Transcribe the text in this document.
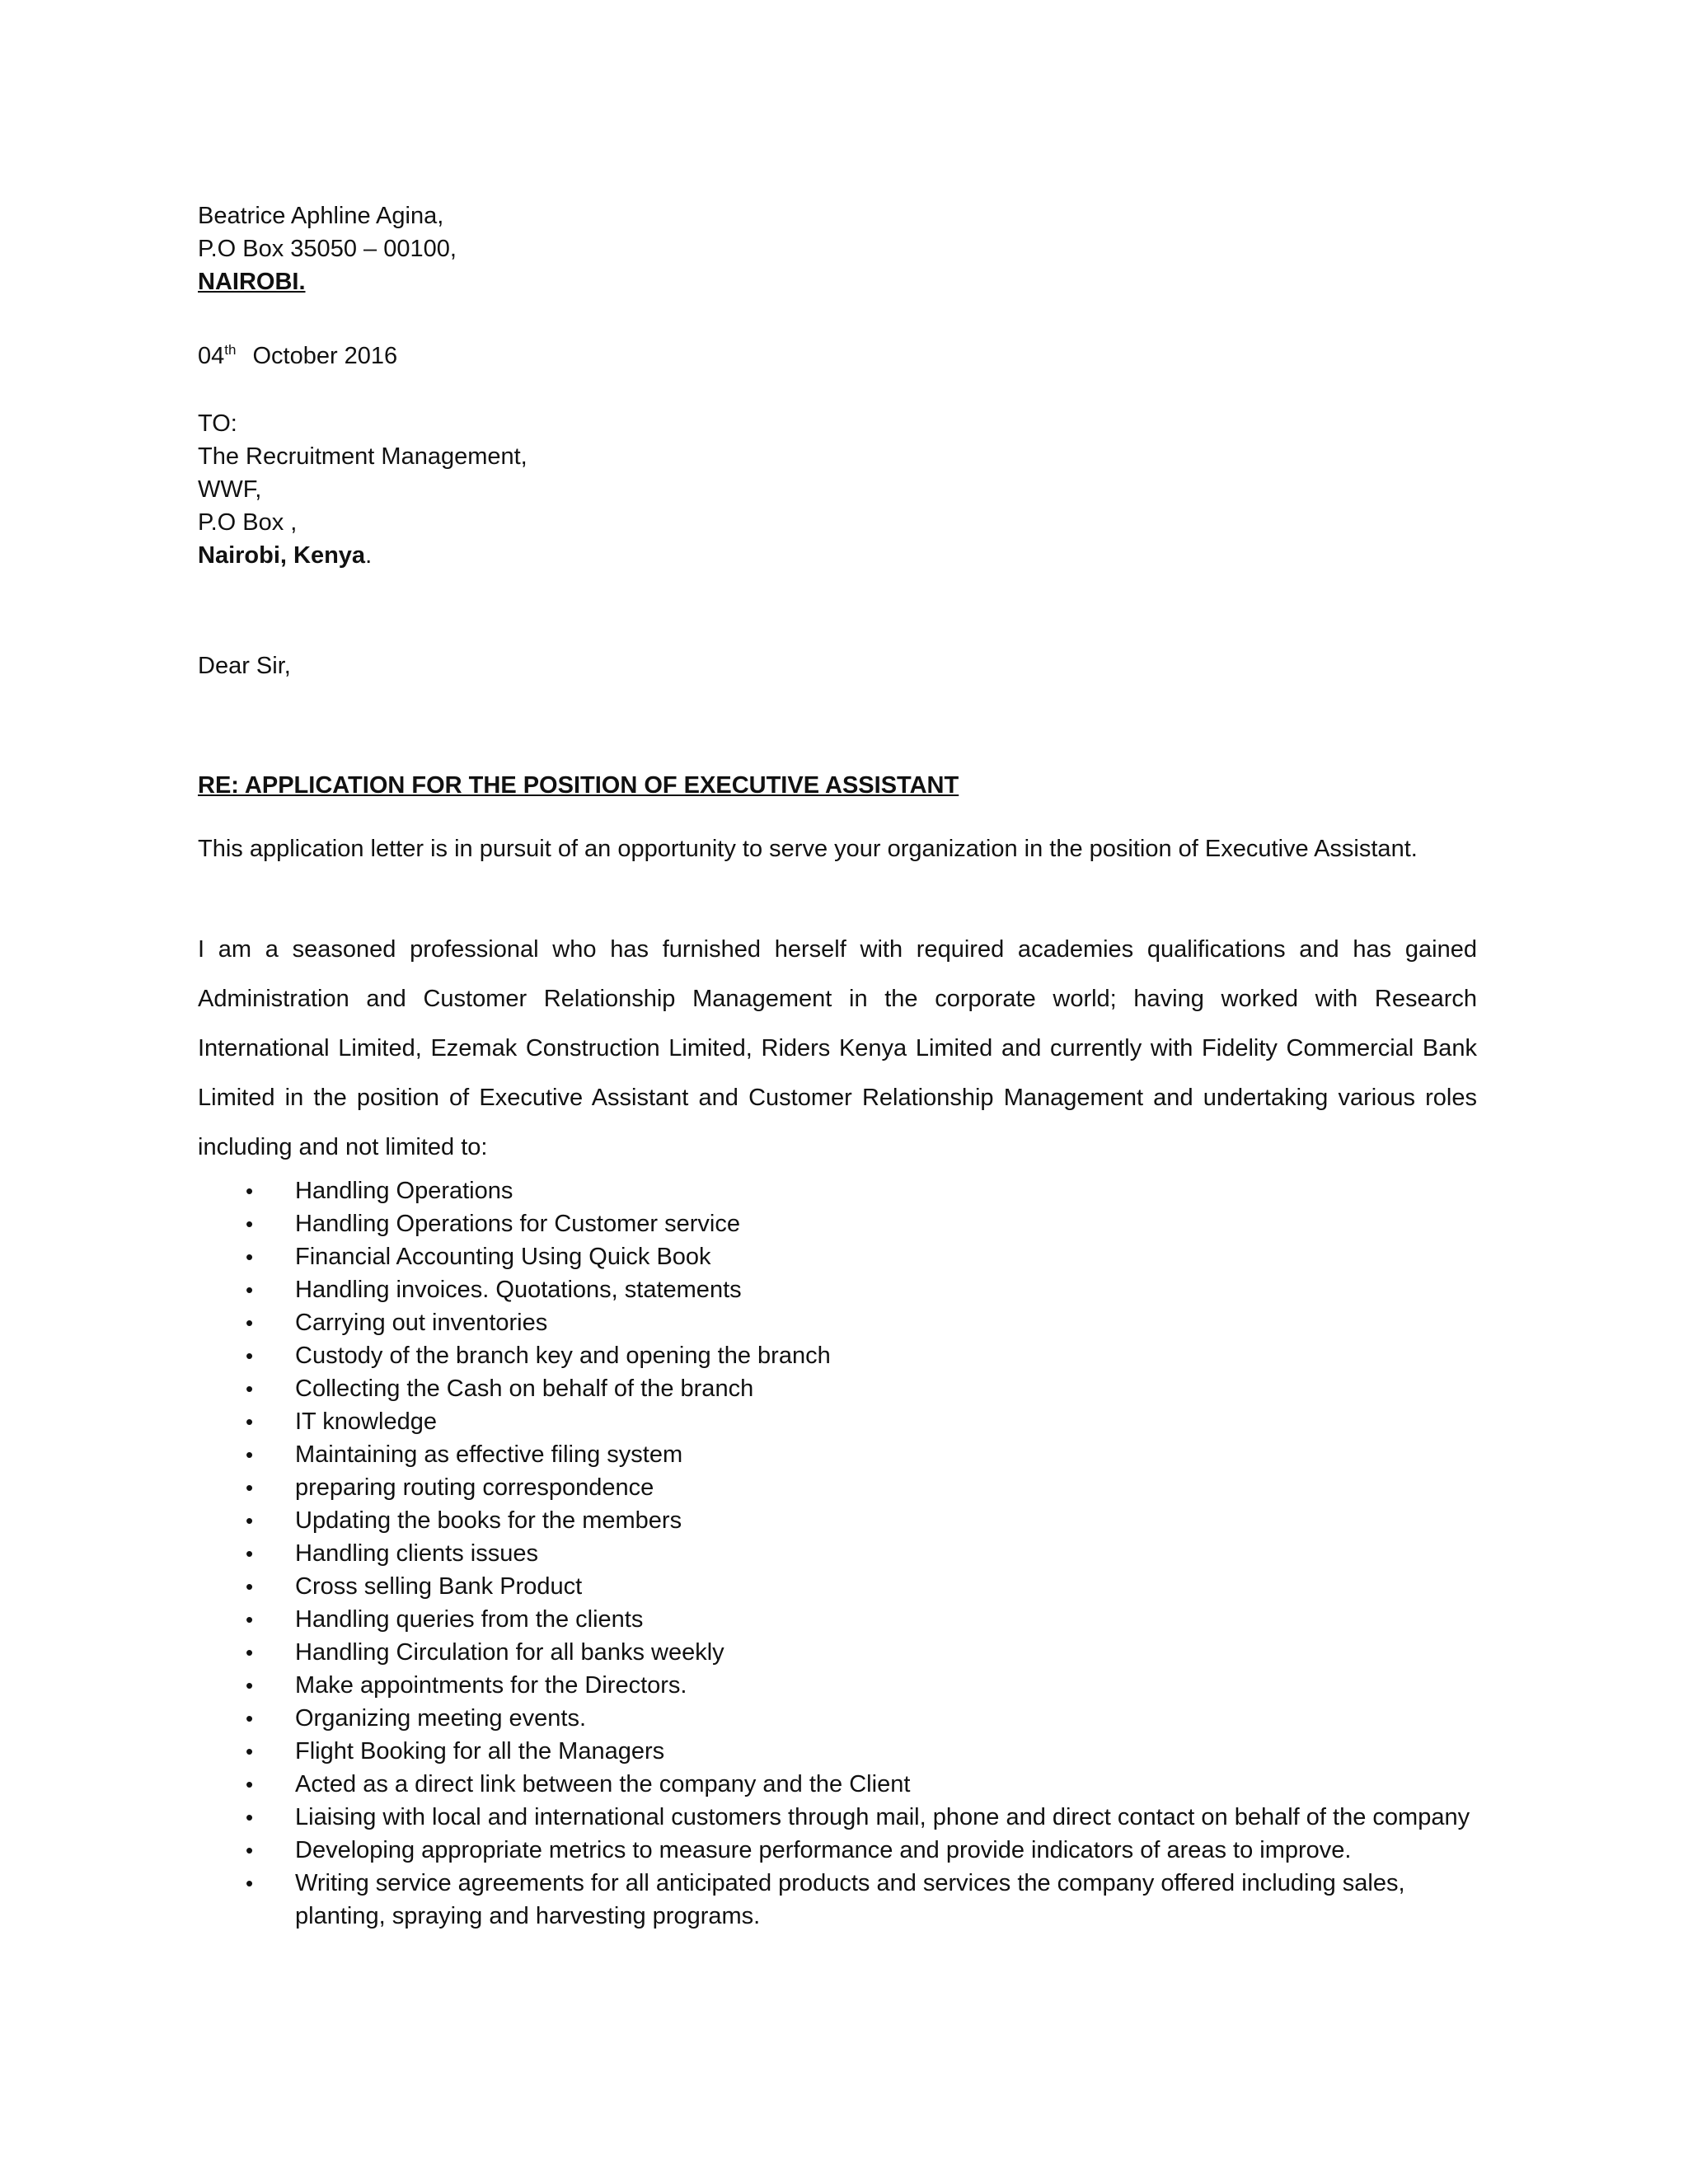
Beatrice Aphline Agina,
P.O Box 35050 – 00100,
NAIROBI.
04th October 2016
TO:
The Recruitment Management,
WWF,
P.O Box ,
Nairobi, Kenya.
Dear Sir,
RE: APPLICATION FOR THE POSITION OF EXECUTIVE ASSISTANT
This application letter is in pursuit of an opportunity to serve your organization in the position of Executive Assistant.
I am a seasoned professional who has furnished herself with required academies qualifications and has gained Administration and Customer Relationship Management in the corporate world; having worked with Research International Limited, Ezemak Construction Limited, Riders Kenya Limited and currently with Fidelity Commercial Bank Limited in the position of Executive Assistant and Customer Relationship Management and undertaking various roles including and not limited to:
• Handling Operations
• Handling Operations for Customer service
• Financial Accounting Using Quick Book
• Handling invoices. Quotations, statements
• Carrying out inventories
• Custody of the branch key and opening the branch
• Collecting the Cash on behalf of the branch
• IT knowledge
• Maintaining as effective filing system
• preparing routing correspondence
• Updating the books for the members
• Handling clients issues
• Cross selling Bank Product
• Handling queries from the clients
• Handling Circulation for all banks weekly
• Make appointments for the Directors.
• Organizing meeting events.
• Flight Booking for all the Managers
• Acted as a direct link between the company and the Client
• Liaising with local and international customers through mail, phone and direct contact on behalf of the company
• Developing appropriate metrics to measure performance and provide indicators of areas to improve.
• Writing service agreements for all anticipated products and services the company offered including sales, planting, spraying and harvesting programs.
